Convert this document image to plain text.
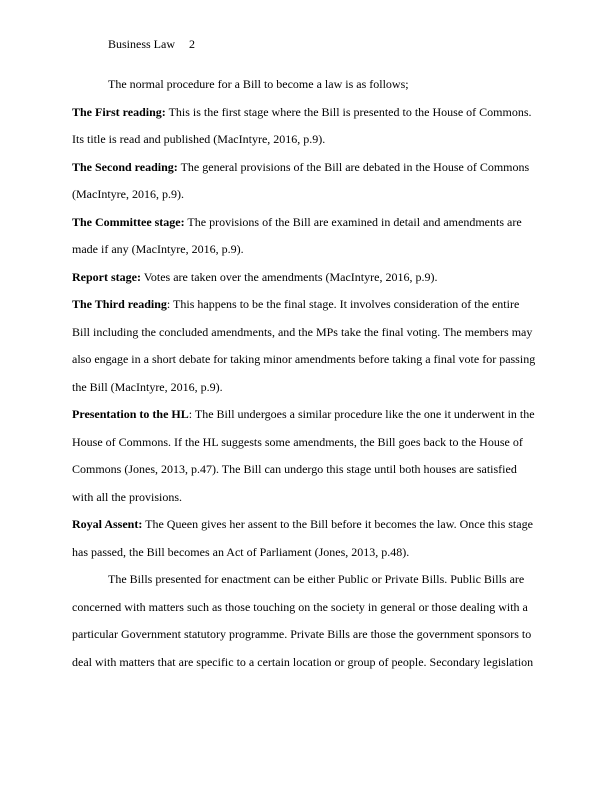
Business Law 2

The normal procedure for a Bill to become a law is as follows;

The First reading: This is the first stage where the Bill is presented to the House of Commons. Its title is read and published (MacIntyre, 2016, p.9).

The Second reading: The general provisions of the Bill are debated in the House of Commons (MacIntyre, 2016, p.9).

The Committee stage: The provisions of the Bill are examined in detail and amendments are made if any (MacIntyre, 2016, p.9).

Report stage: Votes are taken over the amendments (MacIntyre, 2016, p.9).

The Third reading: This happens to be the final stage. It involves consideration of the entire Bill including the concluded amendments, and the MPs take the final voting. The members may also engage in a short debate for taking minor amendments before taking a final vote for passing the Bill (MacIntyre, 2016, p.9).

Presentation to the HL: The Bill undergoes a similar procedure like the one it underwent in the House of Commons. If the HL suggests some amendments, the Bill goes back to the House of Commons (Jones, 2013, p.47). The Bill can undergo this stage until both houses are satisfied with all the provisions.

Royal Assent: The Queen gives her assent to the Bill before it becomes the law. Once this stage has passed, the Bill becomes an Act of Parliament (Jones, 2013, p.48).

The Bills presented for enactment can be either Public or Private Bills. Public Bills are concerned with matters such as those touching on the society in general or those dealing with a particular Government statutory programme. Private Bills are those the government sponsors to deal with matters that are specific to a certain location or group of people. Secondary legislation
